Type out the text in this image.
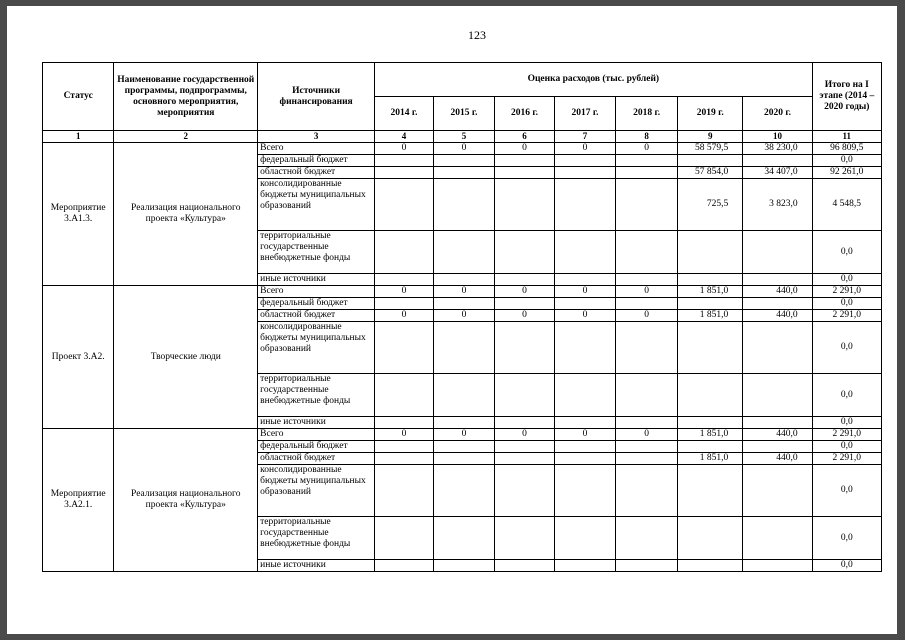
123
Статус	Наименование государственной программы, подпрограммы, основного мероприятия, мероприятия	Источники финансирования	Оценка расходов (тыс. рублей)							Итого на I этапе (2014 – 2020 годы)
			2014 г.	2015 г.	2016 г.	2017 г.	2018 г.	2019 г.	2020 г.	
1	2	3	4	5	6	7	8	9	10	11
Мероприятие 3.А1.3.	Реализация национального проекта «Культура»	Всего	0	0	0	0	0	58 579,5	38 230,0	96 809,5
		федеральный бюджет								0,0
		областной бюджет						57 854,0	34 407,0	92 261,0
		консолидированные бюджеты муниципальных образований						725,5	3 823,0	4 548,5
		территориальные государственные внебюджетные фонды								0,0
		иные источники								0,0
Проект 3.А2.	Творческие люди	Всего	0	0	0	0	0	1 851,0	440,0	2 291,0
		федеральный бюджет								0,0
		областной бюджет	0	0	0	0	0	1 851,0	440,0	2 291,0
		консолидированные бюджеты муниципальных образований								0,0
		территориальные государственные внебюджетные фонды								0,0
		иные источники								0,0
Мероприятие 3.А2.1.	Реализация национального проекта «Культура»	Всего	0	0	0	0	0	1 851,0	440,0	2 291,0
		федеральный бюджет								0,0
		областной бюджет						1 851,0	440,0	2 291,0
		консолидированные бюджеты муниципальных образований								0,0
		территориальные государственные внебюджетные фонды								0,0
		иные источники								0,0
